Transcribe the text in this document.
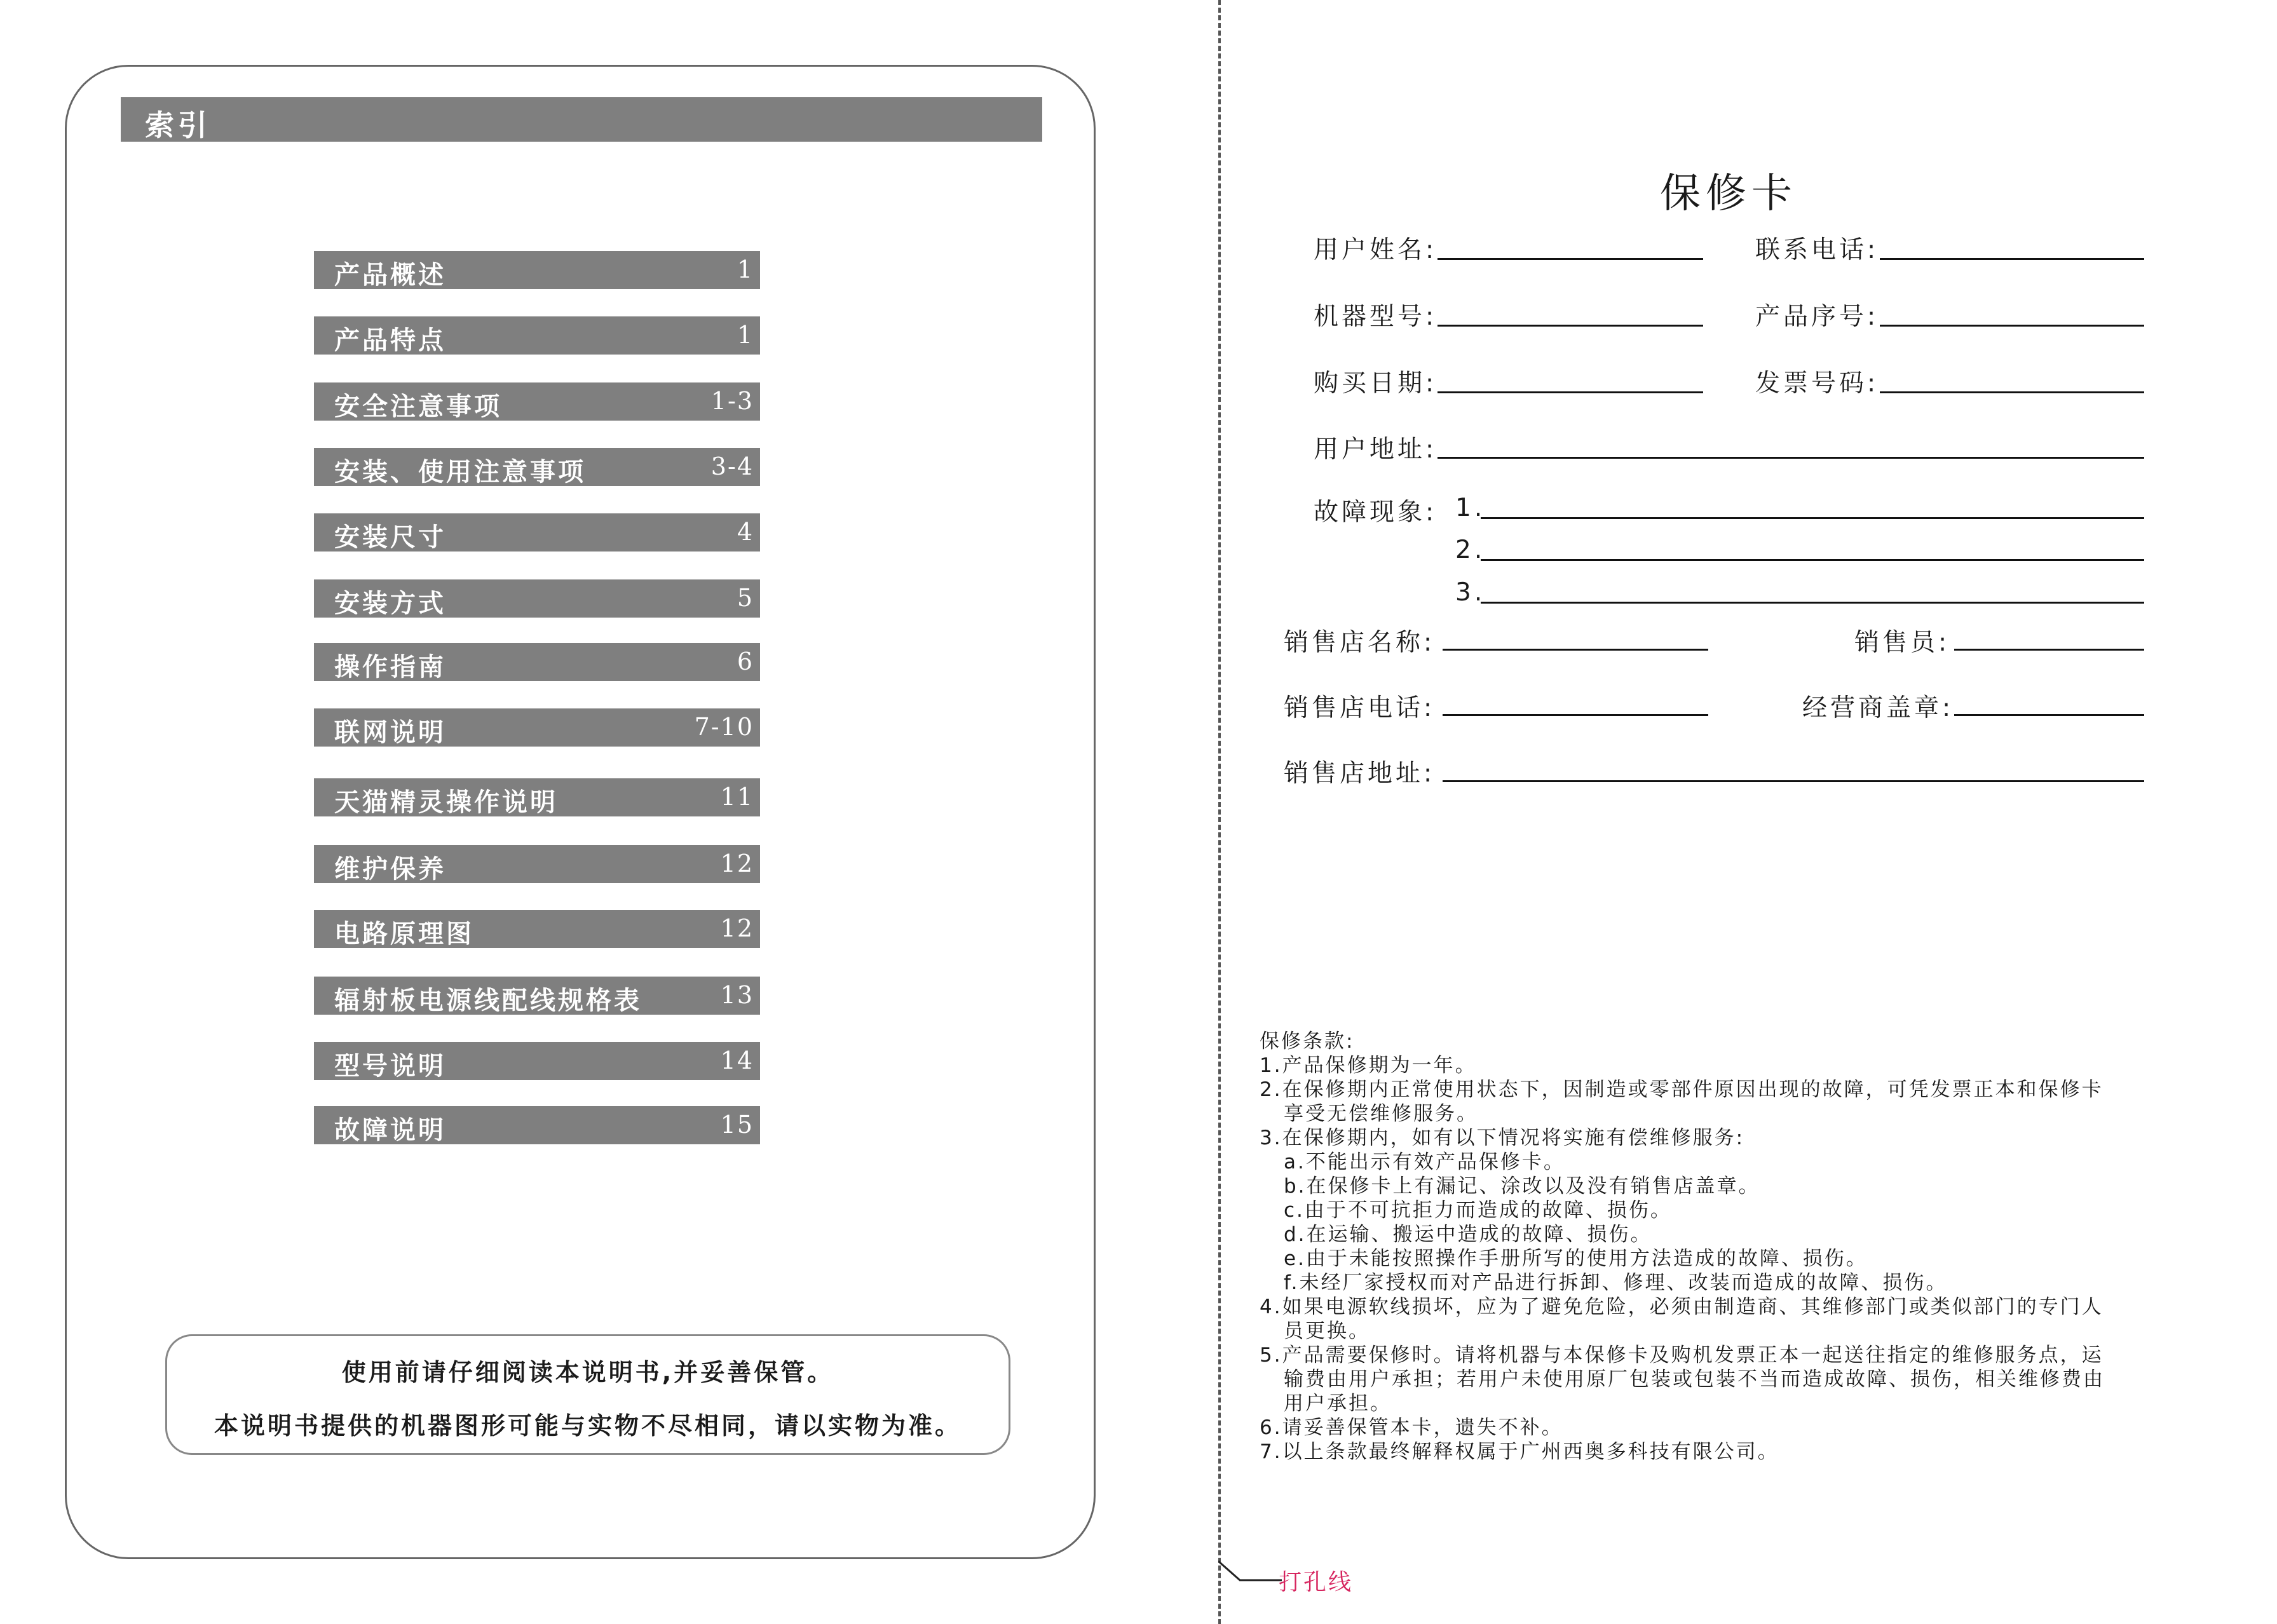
索引
产品概述	1
产品特点	1
安全注意事项	1-3
安装、使用注意事项	3-4
安装尺寸	4
安装方式	5
操作指南	6
联网说明	7-10
天猫精灵操作说明	11
维护保养	12
电路原理图	12
辐射板电源线配线规格表	13
型号说明	14
故障说明	15
使用前请仔细阅读本说明书,并妥善保管。
本说明书提供的机器图形可能与实物不尽相同，请以实物为准。
打孔线
保修卡
用户姓名:	联系电话:
机器型号:	产品序号:
购买日期:	发票号码:
用户地址:
故障现象: 1.
2.
3.
销售店名称:	销售员:
销售店电话:	经营商盖章:
销售店地址:
保修条款:
1.产品保修期为一年。
2.在保修期内正常使用状态下，因制造或零部件原因出现的故障，可凭发票正本和保修卡
享受无偿维修服务。
3.在保修期内，如有以下情况将实施有偿维修服务:
a.不能出示有效产品保修卡。
b.在保修卡上有漏记、涂改以及没有销售店盖章。
c.由于不可抗拒力而造成的故障、损伤。
d.在运输、搬运中造成的故障、损伤。
e.由于未能按照操作手册所写的使用方法造成的故障、损伤。
f.未经厂家授权而对产品进行拆卸、修理、改装而造成的故障、损伤。
4.如果电源软线损坏，应为了避免危险，必须由制造商、其维修部门或类似部门的专门人
员更换。
5.产品需要保修时。请将机器与本保修卡及购机发票正本一起送往指定的维修服务点，运
输费由用户承担；若用户未使用原厂包装或包装不当而造成故障、损伤，相关维修费由
用户承担。
6.请妥善保管本卡，遗失不补。
7.以上条款最终解释权属于广州西奥多科技有限公司。
